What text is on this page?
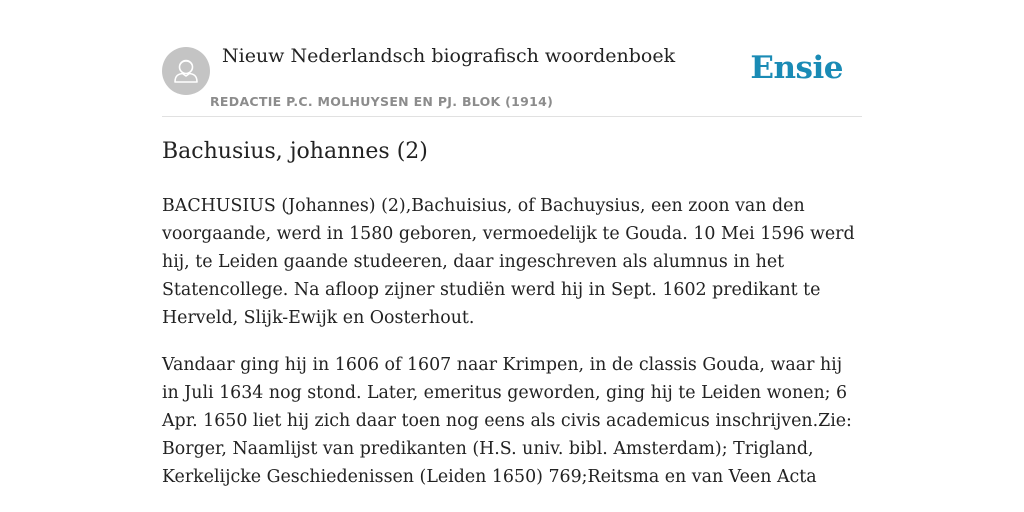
Nieuw Nederlandsch biografisch woordenboek
REDACTIE P.C. MOLHUYSEN EN PJ. BLOK (1914)
Ensie
Bachusius, johannes (2)

BACHUSIUS (Johannes) (2),Bachuisius, of Bachuysius, een zoon van den voorgaande, werd in 1580 geboren, vermoedelijk te Gouda. 10 Mei 1596 werd hij, te Leiden gaande studeeren, daar ingeschreven als alumnus in het Statencollege. Na afloop zijner studiën werd hij in Sept. 1602 predikant te Herveld, Slijk-Ewijk en Oosterhout.

Vandaar ging hij in 1606 of 1607 naar Krimpen, in de classis Gouda, waar hij in Juli 1634 nog stond. Later, emeritus geworden, ging hij te Leiden wonen; 6 Apr. 1650 liet hij zich daar toen nog eens als civis academicus inschrijven.Zie: Borger, Naamlijst van predikanten (H.S. univ. bibl. Amsterdam); Trigland, Kerkelijcke Geschiedenissen (Leiden 1650) 769;Reitsma en van Veen Acta
